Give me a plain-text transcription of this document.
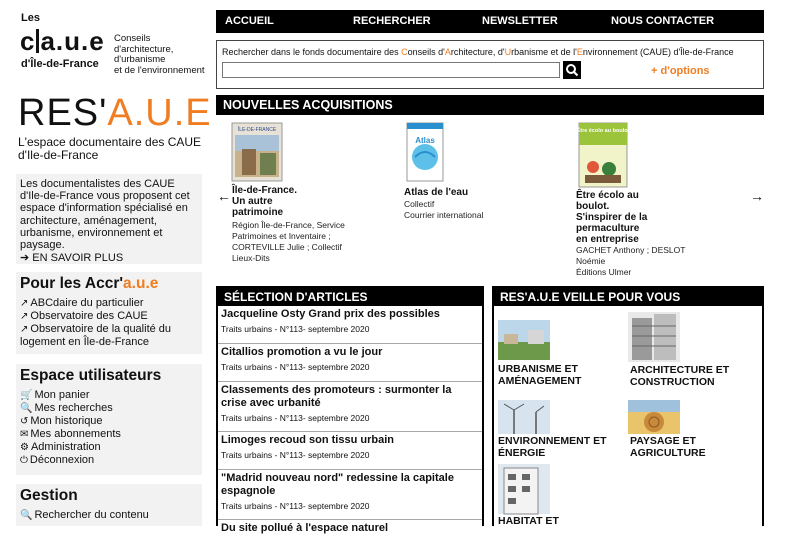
Les
c a.u.e
d'Île-de-France
Conseils
d'architecture,
d'urbanisme
et de l'environnement
RES'A.U.E
L'espace documentaire des CAUE d'Ile-de-France
Les documentalistes des CAUE d'Ile-de-France vous proposent cet espace d'information spécialisé en architecture, aménagement, urbanisme, environnement et paysage.
➔ EN SAVOIR PLUS
Pour les Accr'a.u.e
↗ ABCdaire du particulier
↗ Observatoire des CAUE
↗ Observatoire de la qualité du logement en Île-de-France
Espace utilisateurs
🛒 Mon panier
🔍 Mes recherches
↺ Mon historique
✉ Mes abonnements
⚙ Administration
⏻ Déconnexion
Gestion
🔍 Rechercher du contenu
ACCUEIL	RECHERCHER	NEWSLETTER	NOUS CONTACTER
Rechercher dans le fonds documentaire des Conseils d'Architecture, d'Urbanisme et de l'Environnement (CAUE) d'Île-de-France
+ d'options
NOUVELLES ACQUISITIONS
←	→
ÎLE-DE-FRANCE
Île-de-France. Un autre patrimoine
Région Île-de-France, Service Patrimoines et Inventaire ;
CORTEVILLE Julie ; Collectif
Lieux-Dits
Atlas
Atlas de l'eau
Collectif
Courrier international
Être écolo au boulot
Être écolo au boulot. S'inspirer de la permaculture en entreprise
GACHET Anthony ; DESLOT Noémie
Éditions Ulmer
SÉLECTION D'ARTICLES
Jacqueline Osty Grand prix des possibles
Traits urbains - N°113- septembre 2020
Citallios promotion a vu le jour
Traits urbains - N°113- septembre 2020
Classements des promoteurs : surmonter la crise avec urbanité
Traits urbains - N°113- septembre 2020
Limoges recoud son tissu urbain
Traits urbains - N°113- septembre 2020
"Madrid nouveau nord" redessine la capitale espagnole
Traits urbains - N°113- septembre 2020
Du site pollué à l'espace naturel
RES'A.U.E VEILLE POUR VOUS
URBANISME ET AMÉNAGEMENT
ARCHITECTURE ET CONSTRUCTION
ENVIRONNEMENT ET ÉNERGIE
PAYSAGE ET AGRICULTURE
HABITAT ET
